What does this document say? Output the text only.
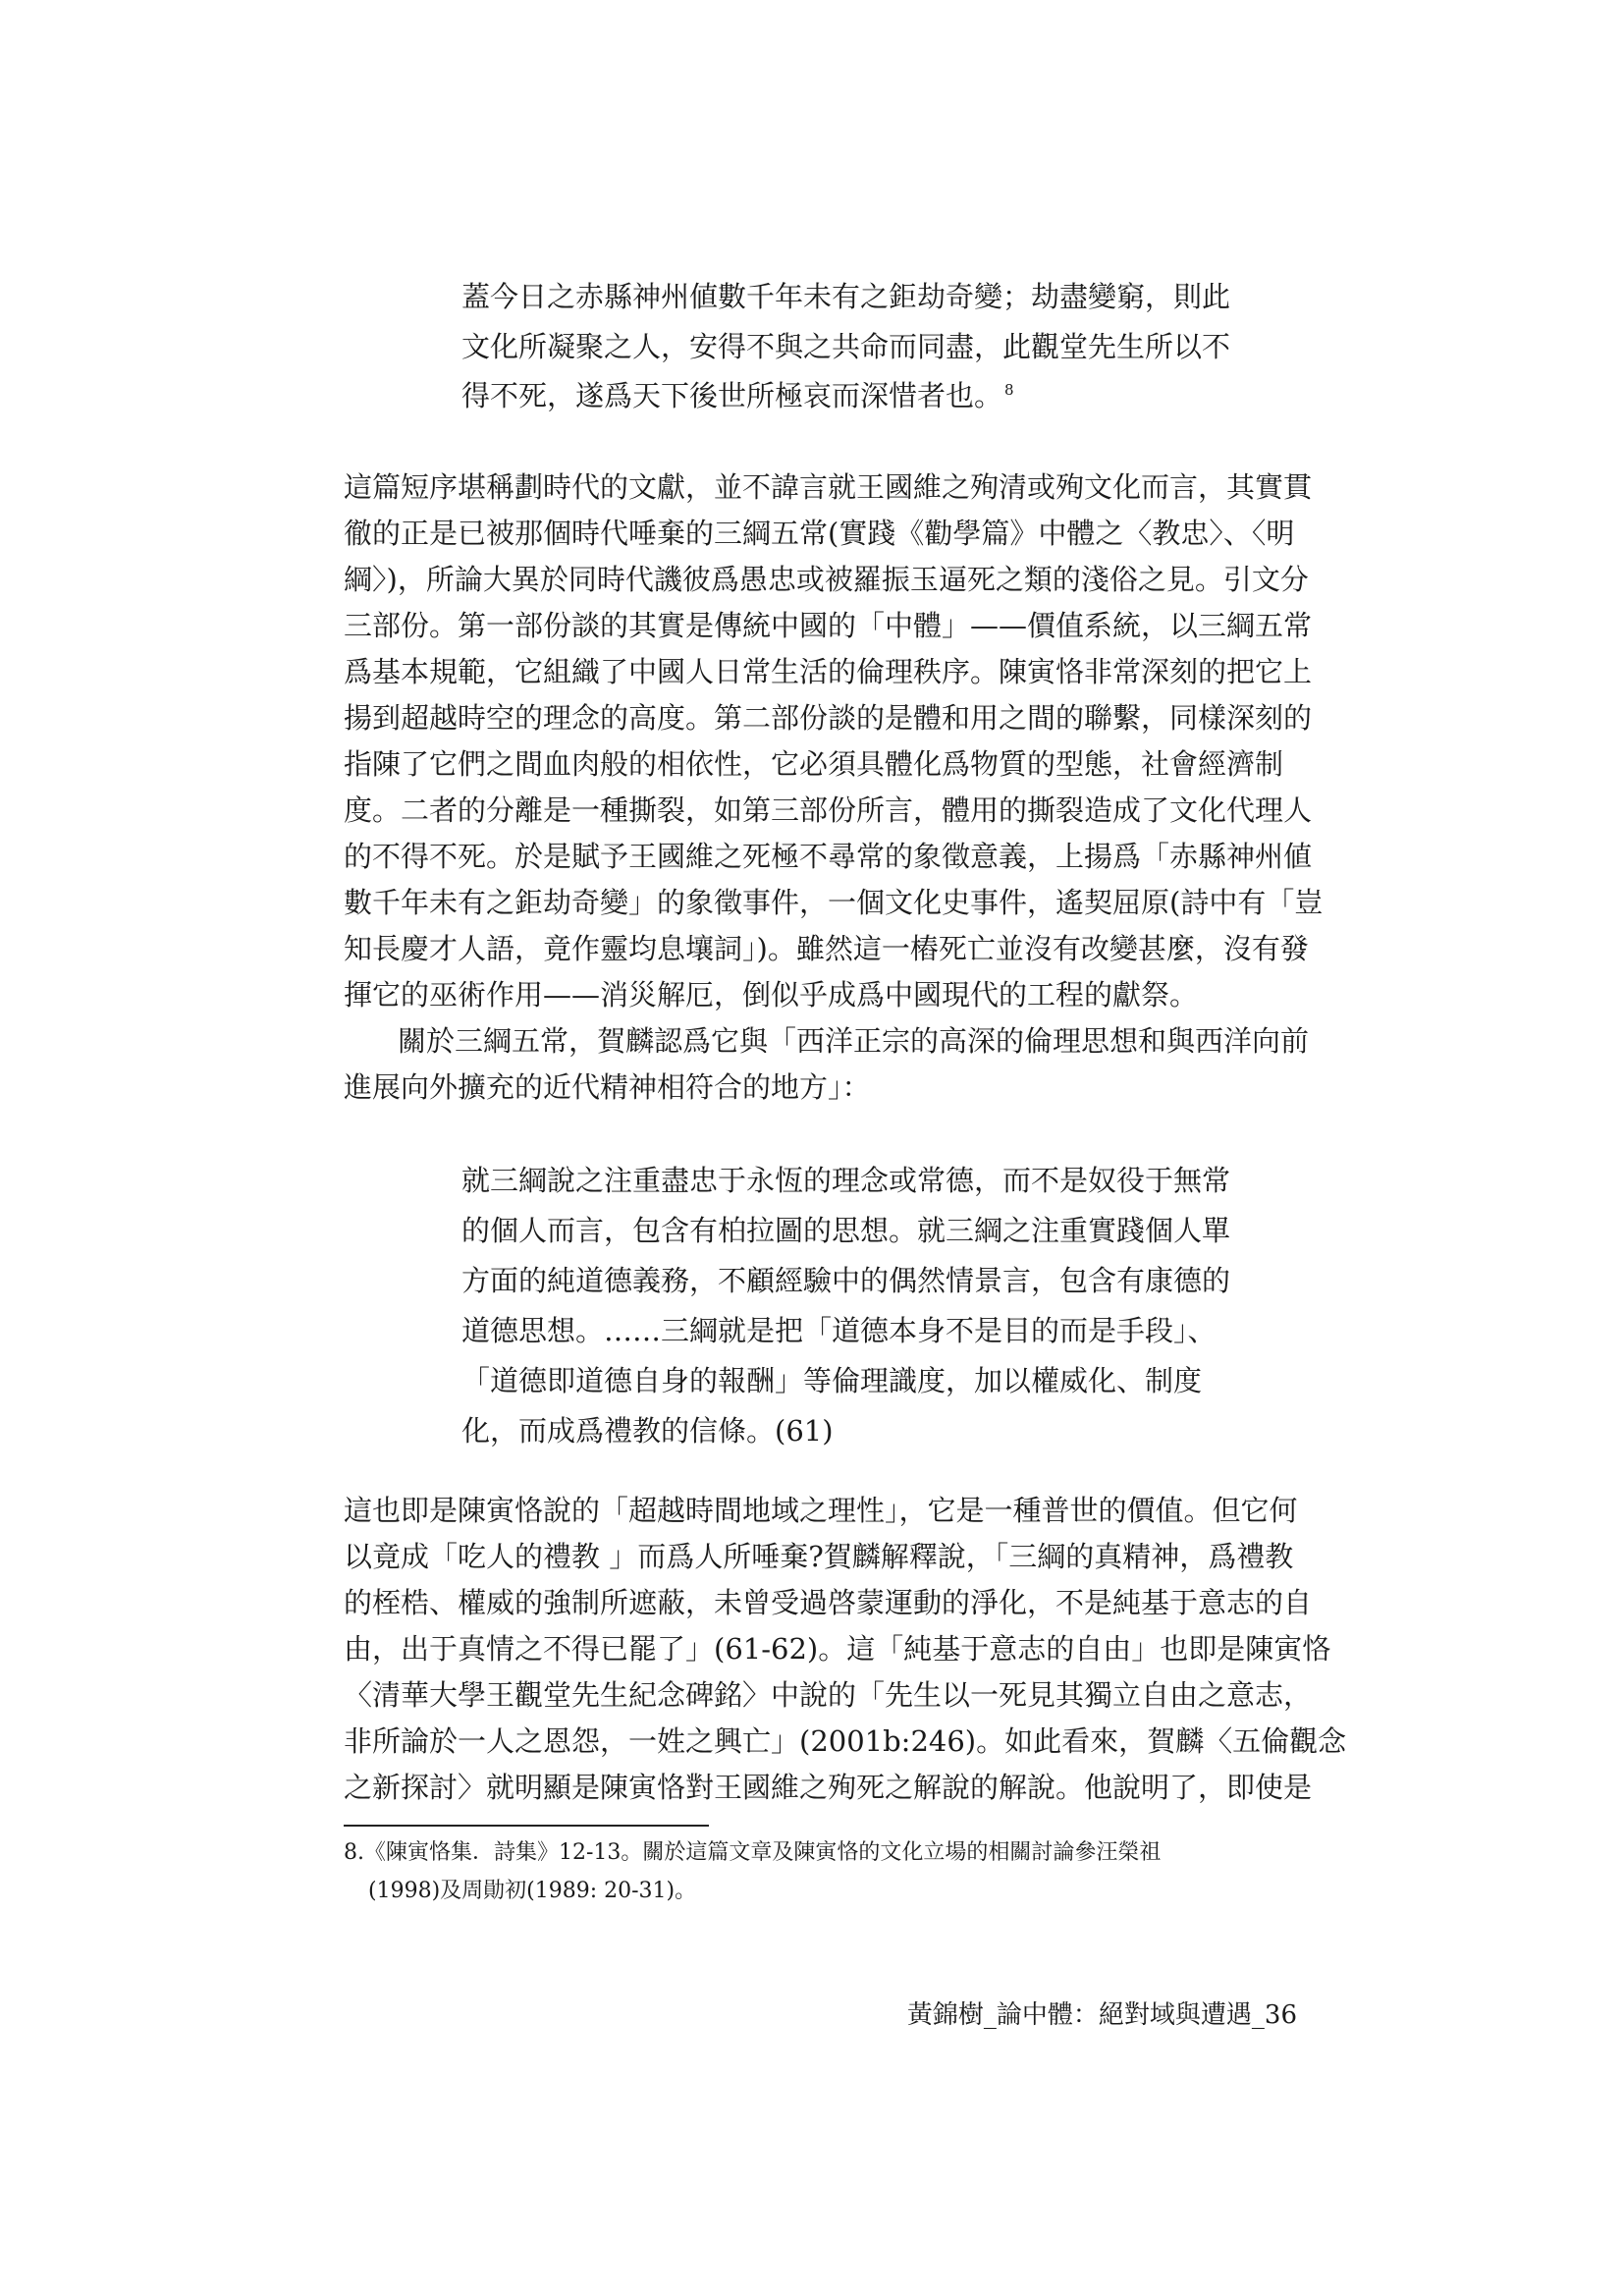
蓋今日之赤縣神州値數千年未有之鉅劫奇變；劫盡變窮，則此
文化所凝聚之人，安得不與之共命而同盡，此觀堂先生所以不
得不死，遂爲天下後世所極哀而深惜者也。 $^8$
這篇短序堪稱劃時代的文獻，並不諱言就王國維之殉清或殉文化而言，其實貫
徹的正是已被那個時代唾棄的三綱五常(實踐《勸學篇》中體之〈教忠〉、〈明
綱〉)，所論大異於同時代譏彼爲愚忠或被羅振玉逼死之類的淺俗之見。引文分
三部份。第一部份談的其實是傳統中國的「中體」——價值系統，以三綱五常
爲基本規範，它組織了中國人日常生活的倫理秩序。陳寅恪非常深刻的把它上
揚到超越時空的理念的高度。第二部份談的是體和用之間的聯繫，同樣深刻的
指陳了它們之間血肉般的相依性，它必須具體化爲物質的型態，社會經濟制
度。二者的分離是一種撕裂，如第三部份所言，體用的撕裂造成了文化代理人
的不得不死。於是賦予王國維之死極不尋常的象徵意義，上揚爲「赤縣神州値
數千年未有之鉅劫奇變」的象徵事件，一個文化史事件，遙契屈原(詩中有「豈
知長慶才人語，竟作靈均息壤詞」)。雖然這一樁死亡並沒有改變甚麼，沒有發
揮它的巫術作用——消災解厄，倒似乎成爲中國現代的工程的獻祭。
關於三綱五常，賀麟認爲它與「西洋正宗的高深的倫理思想和與西洋向前
進展向外擴充的近代精神相符合的地方」：
就三綱說之注重盡忠于永恆的理念或常德，而不是奴役于無常
的個人而言，包含有柏拉圖的思想。就三綱之注重實踐個人單
方面的純道德義務，不顧經驗中的偶然情景言，包含有康德的
道德思想。……三綱就是把「道德本身不是目的而是手段」、
「道德即道德自身的報酬」等倫理識度，加以權威化、制度
化，而成爲禮教的信條。(61)
這也即是陳寅恪說的「超越時間地域之理性」，它是一種普世的價值。但它何
以竟成「吃人的禮教 」而爲人所唾棄?賀麟解釋說，「三綱的真精神，爲禮教
的桎梏、權威的強制所遮蔽，未曾受過啓蒙運動的淨化，不是純基于意志的自
由，出于真情之不得已罷了」(61-62)。這「純基于意志的自由」也即是陳寅恪
〈清華大學王觀堂先生紀念碑銘〉中說的「先生以一死見其獨立自由之意志，
非所論於一人之恩怨，一姓之興亡」(2001b:246)。如此看來，賀麟〈五倫觀念
之新探討〉就明顯是陳寅恪對王國維之殉死之解說的解說。他說明了，即使是
8.《陳寅恪集．詩集》12-13。關於這篇文章及陳寅恪的文化立場的相關討論參汪榮祖
(1998)及周勛初(1989: 20-31)。
黃錦樹_論中體：絕對域與遭遇_36
